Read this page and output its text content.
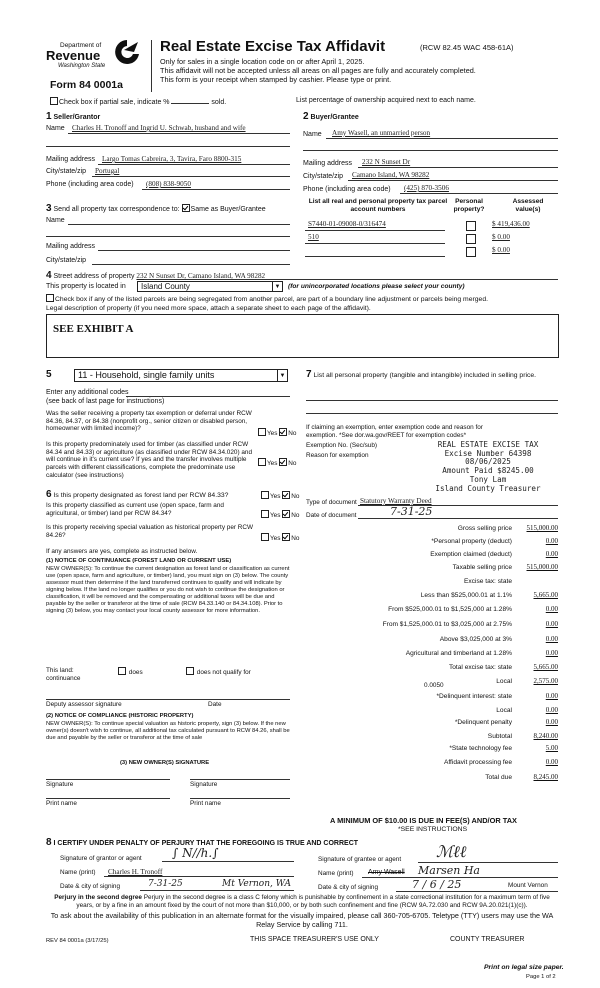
Department of
Revenue
Washington State
Form 84 0001a
Real Estate Excise Tax Affidavit	(RCW 82.45 WAC 458-61A)
Only for sales in a single location code on or after April 1, 2025.
This affidavit will not be accepted unless all areas on all pages are fully and accurately completed.
This form is your receipt when stamped by cashier. Please type or print.
Check box if partial sale, indicate %	sold.	List percentage of ownership acquired next to each name.
1 Seller/Grantor
Name Charles H. Tronoff and Ingrid U. Schwab, husband and wife
Mailing address Largo Tomas Cabreira, 3, Tavira, Faro 8800-315
City/state/zip Portugal
Phone (including area code) (808) 838-9050
2 Buyer/Grantee
Name Amy Wasell, an unmarried person
Mailing address 232 N Sunset Dr
City/state/zip Camano Island, WA 98282
Phone (including area code) (425) 870-3506
3 Send all property tax correspondence to: Same as Buyer/Grantee
Name
Mailing address
City/state/zip
List all real and personal property tax parcel account numbers
Personal property?
Assessed value(s)
S7440-01-09008-0/316474	$ 419,436.00
510	$ 0.00
$ 0.00
4 Street address of property 232 N Sunset Dr, Camano Island, WA 98282
This property is located in	Island County	▼ (for unincorporated locations please select your county)
Check box if any of the listed parcels are being segregated from another parcel, are part of a boundary line adjustment or parcels being merged.
Legal description of property (if you need more space, attach a separate sheet to each page of the affidavit).
SEE EXHIBIT A
5	11 - Household, single family units	▼
Enter any additional codes
(see back of last page for instructions)
Was the seller receiving a property tax exemption or deferral under RCW 84.36, 84.37, or 84.38 (nonprofit org., senior citizen or disabled person, homeowner with limited income)?
Yes No
Is this property predominately used for timber (as classified under RCW 84.34 and 84.33) or agriculture (as classified under RCW 84.34.020) and will continue in it's current use? If yes and the transfer involves multiple parcels with different classifications, complete the predominate use calculator (see instructions)
Yes No
6 Is this property designated as forest land per RCW 84.33?	Yes No
Is this property classified as current use (open space, farm and agricultural, or timber) land per RCW 84.34?	Yes No
Is this property receiving special valuation as historical property per RCW 84.26?	Yes No
If any answers are yes, complete as instructed below.
(1) NOTICE OF CONTINUANCE (FOREST LAND OR CURRENT USE)
NEW OWNER(S): To continue the current designation as forest land or classification as current use (open space, farm and agriculture, or timber) land, you must sign on (3) below. The county assessor must then determine if the land transferred continues to qualify and will indicate by signing below. If the land no longer qualifies or you do not wish to continue the designation or classification, it will be removed and the compensating or additional taxes will be due and payable by the seller or transferor at the time of sale (RCW 84.33.140 or 84.34.108). Prior to signing (3) below, you may contact your local county assessor for more information.
This land:
continuance
does	does not qualify for
Deputy assessor signature	Date
(2) NOTICE OF COMPLIANCE (HISTORIC PROPERTY)
NEW OWNER(S): To continue special valuation as historic property, sign (3) below. If the new owner(s) doesn't wish to continue, all additional tax calculated pursuant to RCW 84.26, shall be due and payable by the seller or transferor at the time of sale
(3) NEW OWNER(S) SIGNATURE
Signature	Signature
Print name	Print name
7 List all personal property (tangible and intangible) included in selling price.
If claiming an exemption, enter exemption code and reason for exemption. *See dor.wa.gov/REET for exemption codes*
Exemption No. (Sec/sub)
Reason for exemption
REAL ESTATE EXCISE TAX
Excise Number 64398
08/06/2025
Amount Paid $8245.00
Tony Lam
Island County Treasurer
Type of document Statutory Warranty Deed
Date of document	7-31-25
Gross selling price	515,000.00
*Personal property (deduct)	0.00
Exemption claimed (deduct)	0.00
Taxable selling price	515,000.00
Excise tax: state
Less than $525,000.01 at 1.1%	5,665.00
From $525,000.01 to $1,525,000 at 1.28%	0.00
From $1,525,000.01 to $3,025,000 at 2.75%	0.00
Above $3,025,000 at 3%	0.00
Agricultural and timberland at 1.28%	0.00
Total excise tax: state	5,665.00
Local	2,575.00
*Delinquent interest: state	0.00
Local	0.00
*Delinquent penalty	0.00
Subtotal	8,240.00
*State technology fee	5.00
Affidavit processing fee	0.00
Total due	8,245.00
0.0050
A MINIMUM OF $10.00 IS DUE IN FEE(S) AND/OR TAX
*SEE INSTRUCTIONS
8 I CERTIFY UNDER PENALTY OF PERJURY THAT THE FOREGOING IS TRUE AND CORRECT
Signature of grantor or agent	∫ N/∕h.∫
Name (print) Charles H. Tronoff
Date & city of signing	7-31-25	Mt Vernon, WA
Signature of grantee or agent ℳℓℓ
Name (print) Amy Wasell Marsen Ha
Date & city of signing	7 / 6 / 25	Mount Vernon
Perjury in the second degree Perjury in the second degree is a class C felony which is punishable by confinement in a state correctional institution for a maximum term of five years, or by a fine in an amount fixed by the court of not more than $10,000, or by both such confinement and fine (RCW 9A.72.030 and RCW 9A.20.021(1)(c)).
To ask about the availability of this publication in an alternate format for the visually impaired, please call 360-705-6705. Teletype (TTY) users may use the WA Relay Service by calling 711.
REV 84 0001a (3/17/25)	THIS SPACE TREASURER'S USE ONLY	COUNTY TREASURER
Print on legal size paper.
Page 1 of 2
